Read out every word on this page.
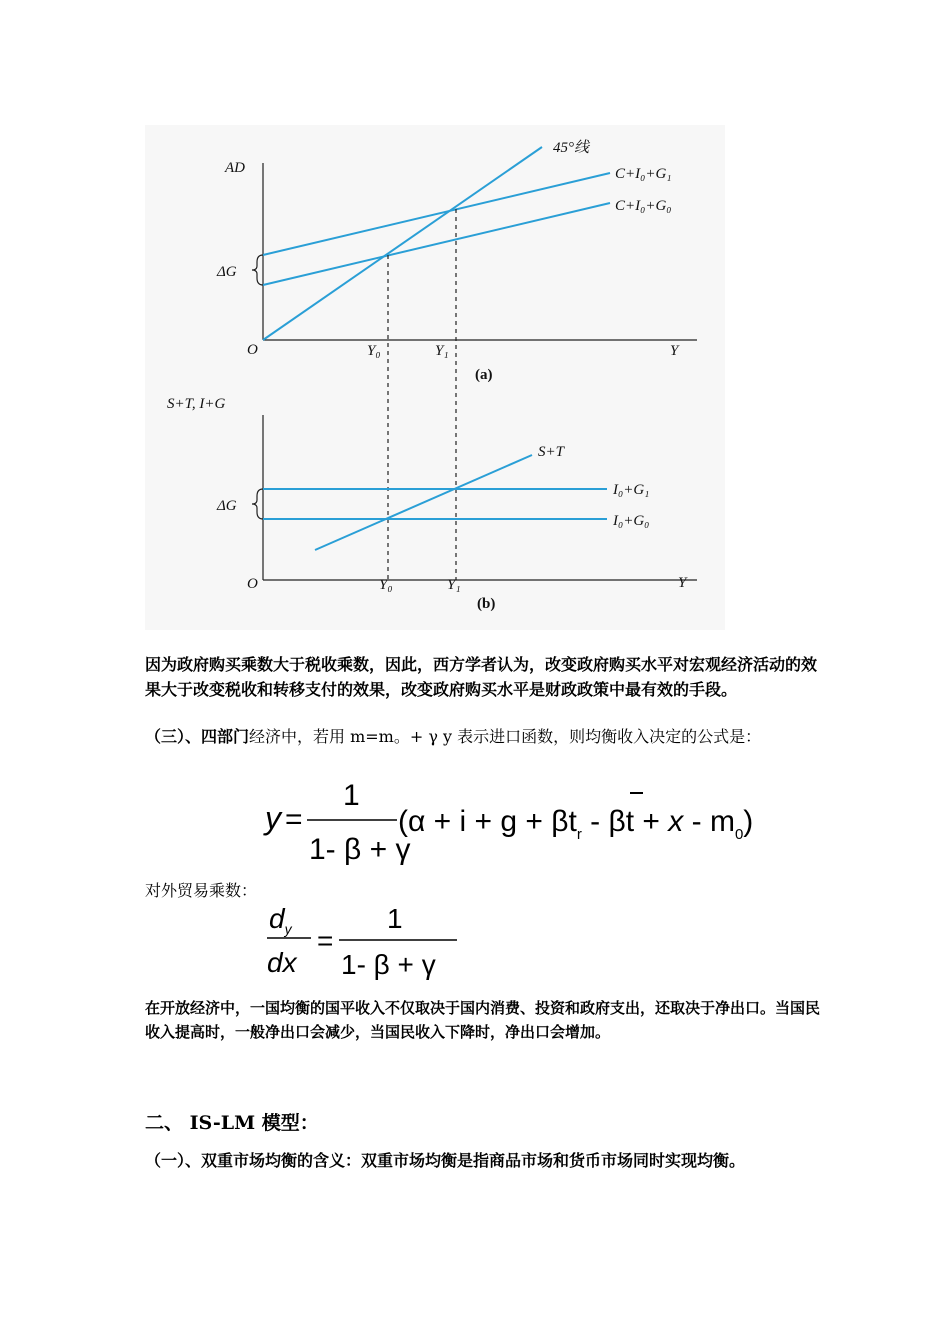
AD
O	Y
45°线
C+I₀+G₁
C+I₀+G₀
ΔG
Y₀	Y₁
(a)
S+T, I+G
O	Y
S+T
I₀+G₁
I₀+G₀
ΔG
Y₀	Y₁
(b)

因为政府购买乘数大于税收乘数，因此，西方学者认为，改变政府购买水平对宏观经济活动的效果大于改变税收和转移支付的效果，改变政府购买水平是财政政策中最有效的手段。

（三）、四部门经济中，若用 m=m。+ γ y 表示进口函数，则均衡收入决定的公式是：

y =
1
1- β + γ
$(\alpha + i + g + \beta t_r - \beta t + x - m_0)$

对外贸易乘数：

$d_y$
dx
=
1
1- β + γ

在开放经济中，一国均衡的国平收入不仅取决于国内消费、投资和政府支出，还取决于净出口。当国民收入提高时，一般净出口会减少，当国民收入下降时，净出口会增加。

二、 IS-LM 模型：

（一）、双重市场均衡的含义：双重市场均衡是指商品市场和货币市场同时实现均衡。
